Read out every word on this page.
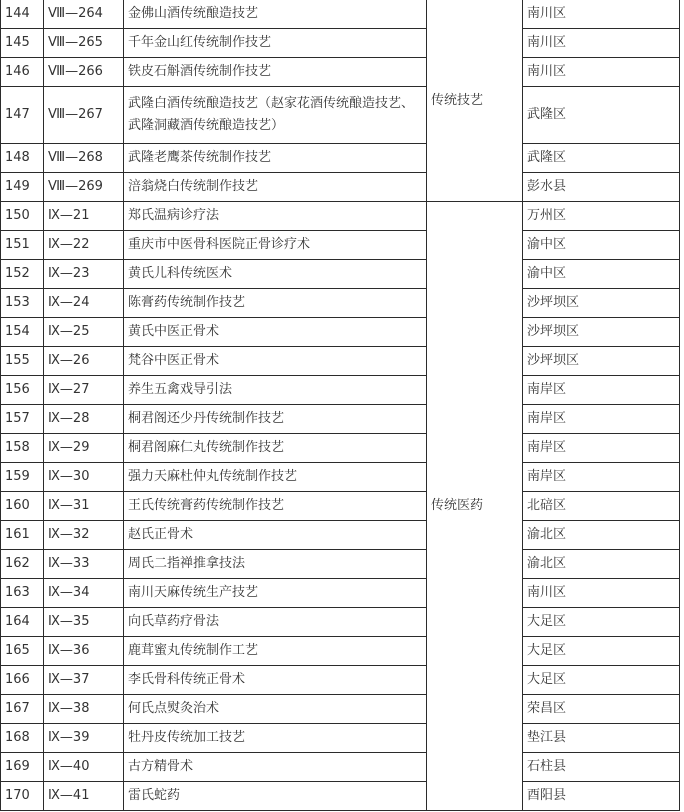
144	Ⅷ—264	金佛山酒传统酿造技艺	传统技艺	南川区
145	Ⅷ—265	千年金山红传统制作技艺		南川区
146	Ⅷ—266	铁皮石斛酒传统制作技艺		南川区
147	Ⅷ—267	武隆白酒传统酿造技艺（赵家花酒传统酿造技艺、武隆洞藏酒传统酿造技艺）		武隆区
148	Ⅷ—268	武隆老鹰茶传统制作技艺		武隆区
149	Ⅷ—269	涪翁烧白传统制作技艺		彭水县
150	Ⅸ—21	郑氏温病诊疗法	传统医药	万州区
151	Ⅸ—22	重庆市中医骨科医院正骨诊疗术		渝中区
152	Ⅸ—23	黄氏儿科传统医术		渝中区
153	Ⅸ—24	陈膏药传统制作技艺		沙坪坝区
154	Ⅸ—25	黄氏中医正骨术		沙坪坝区
155	Ⅸ—26	梵谷中医正骨术		沙坪坝区
156	Ⅸ—27	养生五禽戏导引法		南岸区
157	Ⅸ—28	桐君阁还少丹传统制作技艺		南岸区
158	Ⅸ—29	桐君阁麻仁丸传统制作技艺		南岸区
159	Ⅸ—30	强力天麻杜仲丸传统制作技艺		南岸区
160	Ⅸ—31	王氏传统膏药传统制作技艺		北碚区
161	Ⅸ—32	赵氏正骨术		渝北区
162	Ⅸ—33	周氏二指禅推拿技法		渝北区
163	Ⅸ—34	南川天麻传统生产技艺		南川区
164	Ⅸ—35	向氏草药疗骨法		大足区
165	Ⅸ—36	鹿茸蜜丸传统制作工艺		大足区
166	Ⅸ—37	李氏骨科传统正骨术		大足区
167	Ⅸ—38	何氏点熨灸治术		荣昌区
168	Ⅸ—39	牡丹皮传统加工技艺		垫江县
169	Ⅸ—40	古方精骨术		石柱县
170	Ⅸ—41	雷氏蛇药		酉阳县
